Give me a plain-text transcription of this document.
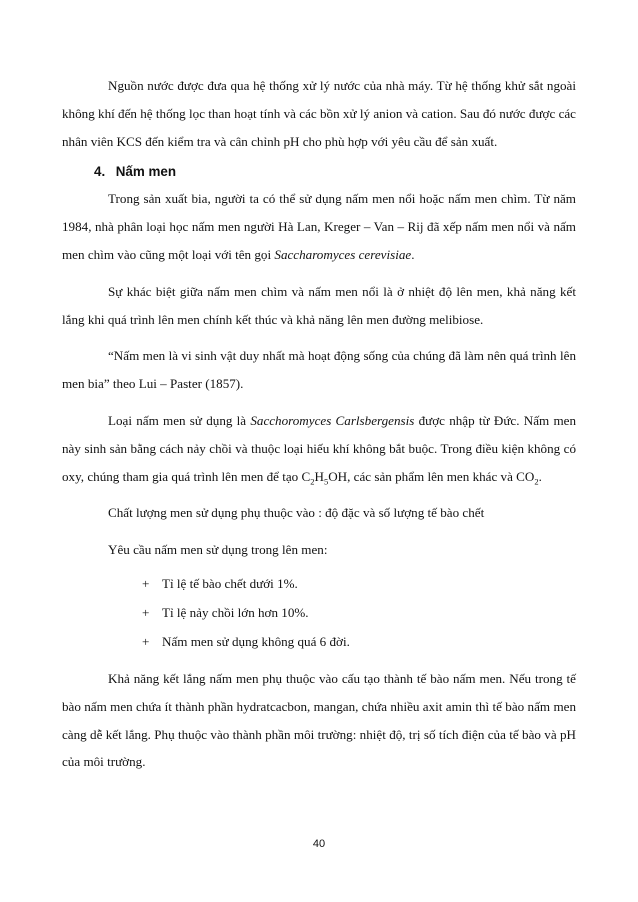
Nguồn nước được đưa qua hệ thống xử lý nước của nhà máy. Từ hệ thống khử sắt ngoài không khí đến hệ thống lọc than hoạt tính và các bồn xử lý anion và cation. Sau đó nước được các nhân viên KCS đến kiểm tra và cân chỉnh pH cho phù hợp với yêu cầu để sản xuất.

4. Nấm men

Trong sản xuất bia, người ta có thể sử dụng nấm men nổi hoặc nấm men chìm. Từ năm 1984, nhà phân loại học nấm men người Hà Lan, Kreger – Van – Rij đã xếp nấm men nổi và nấm men chìm vào cũng một loại với tên gọi Saccharomyces cerevisiae.

Sự khác biệt giữa nấm men chìm và nấm men nổi là ở nhiệt độ lên men, khả năng kết lắng khi quá trình lên men chính kết thúc và khả năng lên men đường melibiose.

“Nấm men là vi sinh vật duy nhất mà hoạt động sống của chúng đã làm nên quá trình lên men bia” theo Lui – Paster (1857).

Loại nấm men sử dụng là Sacchoromyces Carlsbergensis được nhập từ Đức. Nấm men này sinh sản bằng cách nảy chồi và thuộc loại hiếu khí không bắt buộc. Trong điều kiện không có oxy, chúng tham gia quá trình lên men để tạo $C_2H_5OH$, các sản phẩm lên men khác và $CO_2$.

Chất lượng men sử dụng phụ thuộc vào : độ đặc và số lượng tế bào chết

Yêu cầu nấm men sử dụng trong lên men:

+ Tỉ lệ tế bào chết dưới 1%.
+ Tỉ lệ nảy chồi lớn hơn 10%.
+ Nấm men sử dụng không quá 6 đời.

Khả năng kết lắng nấm men phụ thuộc vào cấu tạo thành tế bào nấm men. Nếu trong tế bào nấm men chứa ít thành phần hydratcacbon, mangan, chứa nhiều axit amin thì tế bào nấm men càng dễ kết lắng. Phụ thuộc vào thành phần môi trường: nhiệt độ, trị số tích điện của tế bào và pH của môi trường.

40
